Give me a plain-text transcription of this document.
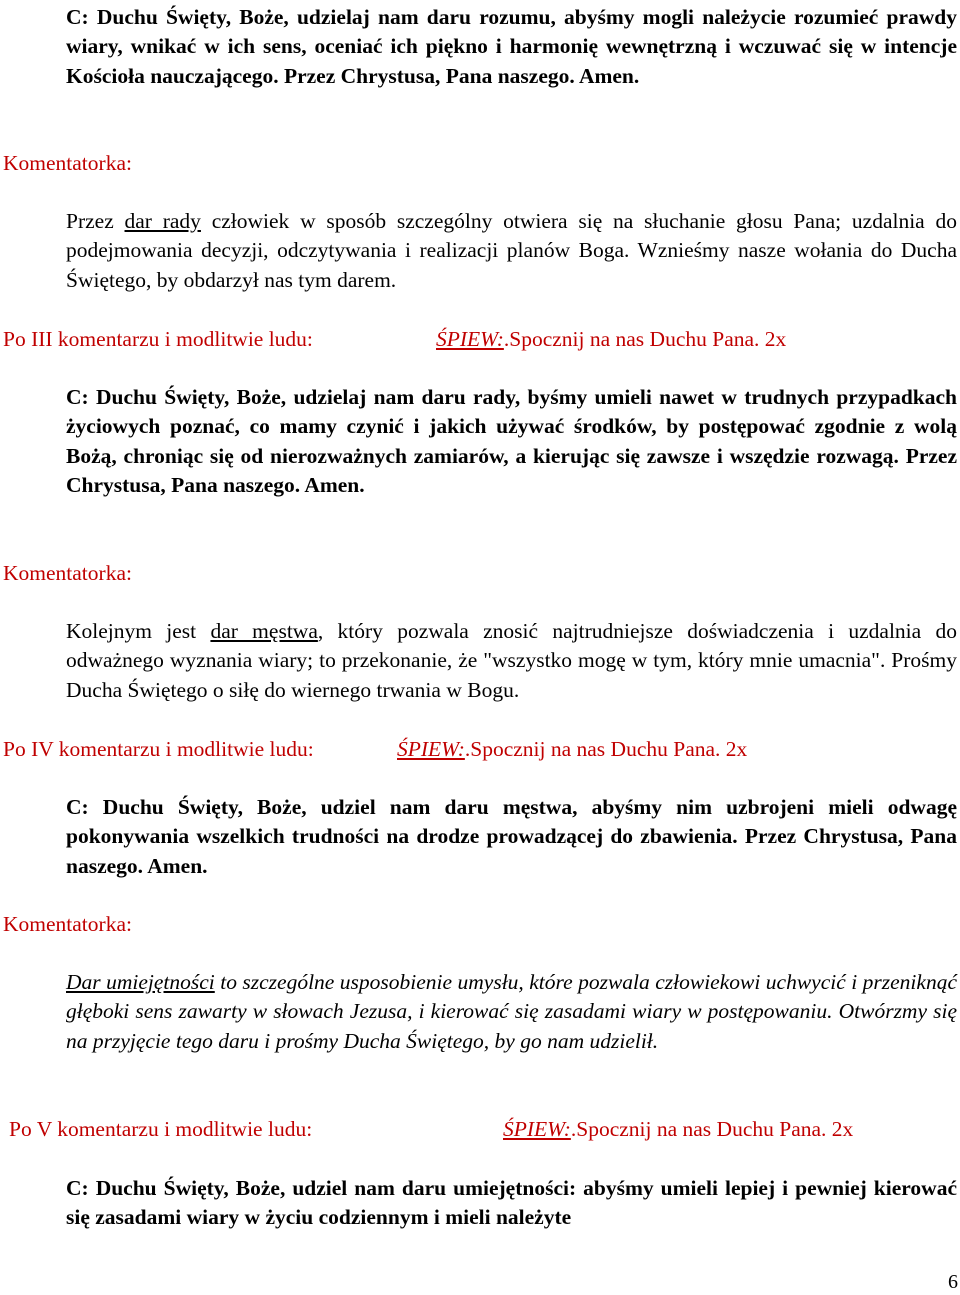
C: Duchu Święty, Boże, udzielaj nam daru rozumu, abyśmy mogli należycie rozumieć prawdy wiary, wnikać w ich sens, oceniać ich piękno i harmonię wewnętrzną i wczuwać się w intencje Kościoła nauczającego. Przez Chrystusa, Pana naszego. Amen.
Komentatorka:
Przez dar rady człowiek w sposób szczególny otwiera się na słuchanie głosu Pana; uzdalnia do podejmowania decyzji, odczytywania i realizacji planów Boga. Wznieśmy nasze wołania do Ducha Świętego, by obdarzył nas tym darem.
Po III komentarzu i modlitwie ludu:	ŚPIEW:.Spocznij na nas Duchu Pana. 2x
C: Duchu Święty, Boże, udzielaj nam daru rady, byśmy umieli nawet w trudnych przypadkach życiowych poznać, co mamy czynić i jakich używać środków, by postępować zgodnie z wolą Bożą, chroniąc się od nierozważnych zamiarów, a kierując się zawsze i wszędzie rozwagą. Przez Chrystusa, Pana naszego. Amen.
Komentatorka:
Kolejnym jest dar męstwa, który pozwala znosić najtrudniejsze doświadczenia i uzdalnia do odważnego wyznania wiary; to przekonanie, że "wszystko mogę w tym, który mnie umacnia". Prośmy Ducha Świętego o siłę do wiernego trwania w Bogu.
Po IV komentarzu i modlitwie ludu:	ŚPIEW:.Spocznij na nas Duchu Pana. 2x
C: Duchu Święty, Boże, udziel nam daru męstwa, abyśmy nim uzbrojeni mieli odwagę pokonywania wszelkich trudności na drodze prowadzącej do zbawienia. Przez Chrystusa, Pana naszego. Amen.
Komentatorka:
Dar umiejętności to szczególne usposobienie umysłu, które pozwala człowiekowi uchwycić i przeniknąć głęboki sens zawarty w słowach Jezusa, i kierować się zasadami wiary w postępowaniu. Otwórzmy się na przyjęcie tego daru i prośmy Ducha Świętego, by go nam udzielił.
Po V komentarzu i modlitwie ludu:	ŚPIEW:.Spocznij na nas Duchu Pana. 2x
C: Duchu Święty, Boże, udziel nam daru umiejętności: abyśmy umieli lepiej i pewniej kierować się zasadami wiary w życiu codziennym i mieli należyte
6
